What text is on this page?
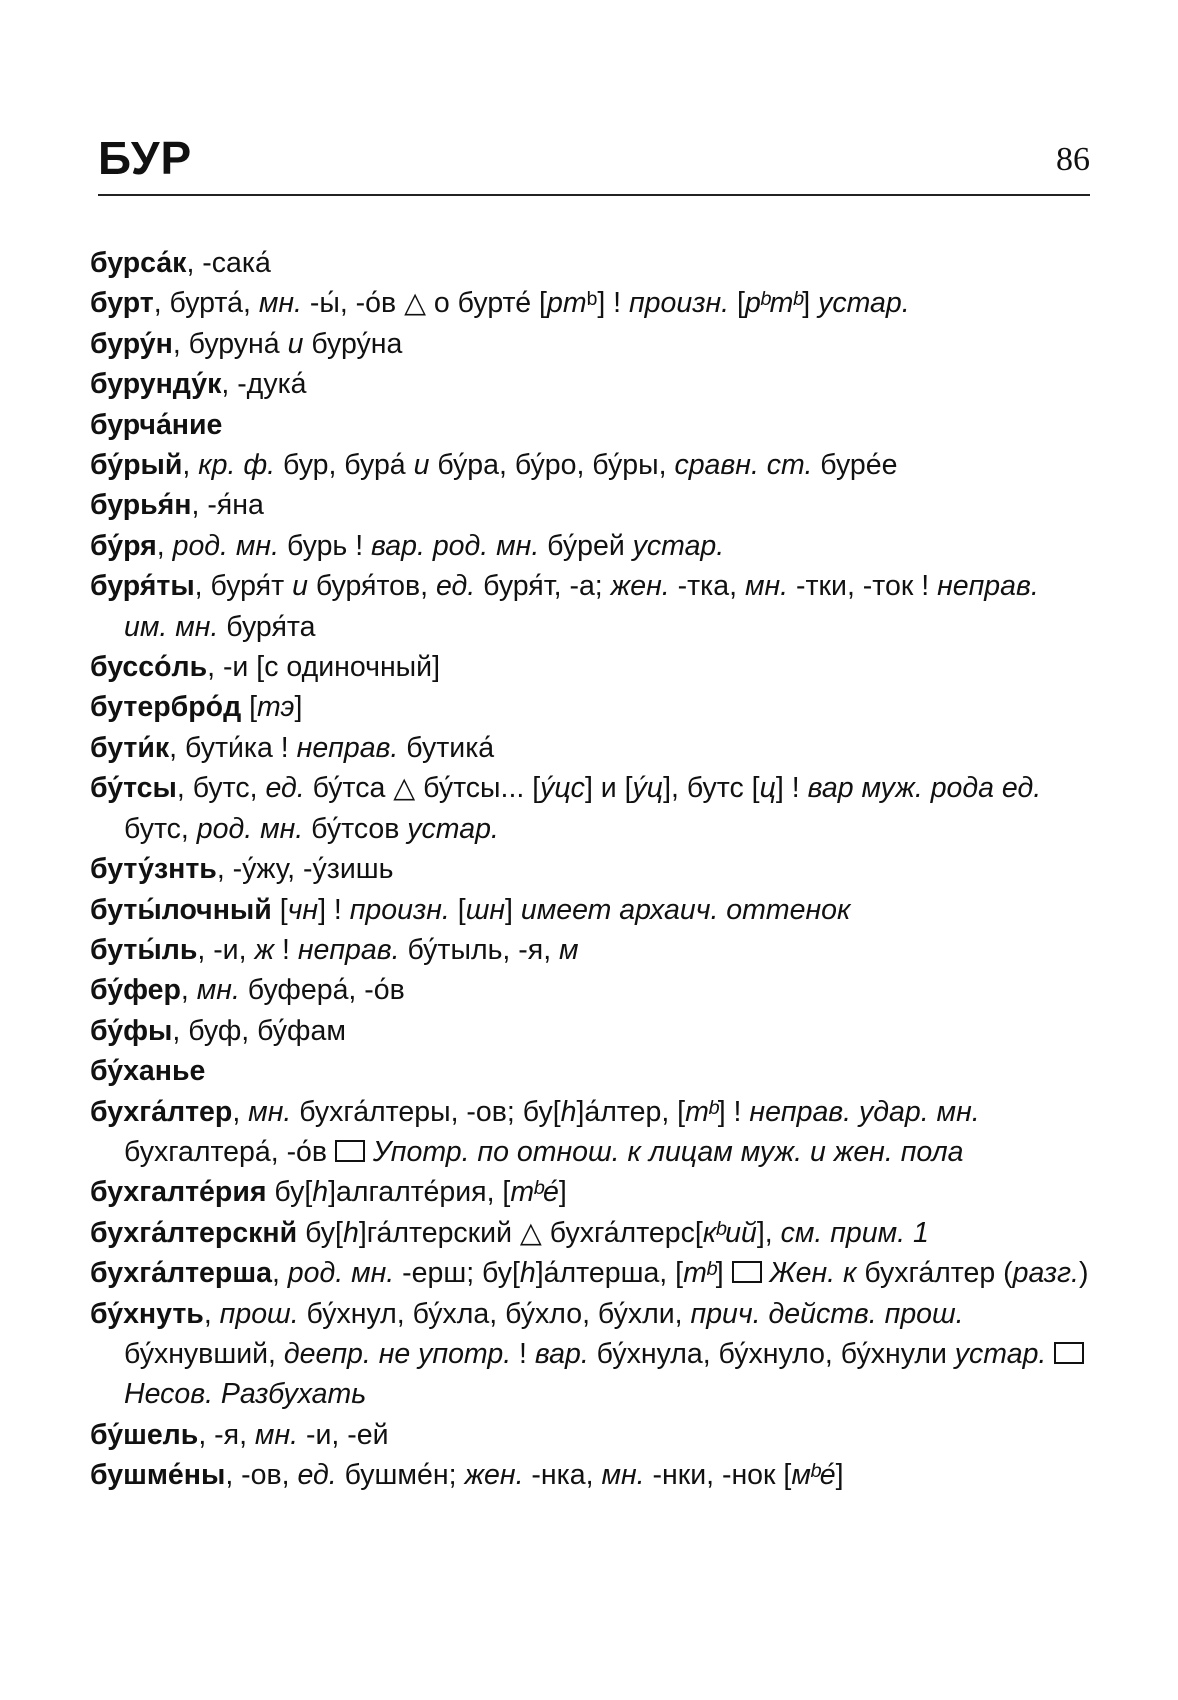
БУР	86

бурса́к, -сака́

бурт, бурта́, мн. -ы́, -о́в △ о бурте́ [ртᵇ] ! произн. [рᵇтᵇ] устар.

буру́н, буруна́ и буру́на

бурунду́к, -дука́

бурча́ние

бу́рый, кр. ф. бур, бура́ и бу́ра, бу́ро, бу́ры, сравн. ст. буре́е

бурья́н, -я́на

бу́ря, род. мн. бурь ! вар. род. мн. бу́рей устар.

буря́ты, буря́т и буря́тов, ед. буря́т, -а; жен. -тка, мн. -тки, -ток ! неправ. им. мн. буря́та

буссо́ль, -и [с одиночный]

бутербро́д [тэ]

бути́к, бути́ка ! неправ. бутика́

бу́тсы, бутс, ед. бу́тса △ бу́тсы... [у́цс] и [у́ц], бутс [ц] ! вар муж. рода ед. бутс, род. мн. бу́тсов устар.

буту́знть, -у́жу, -у́зишь

буты́лочный [чн] ! произн. [шн] имеет архаич. оттенок

буты́ль, -и, ж ! неправ. бу́тыль, -я, м

бу́фер, мн. буфера́, -о́в

бу́фы, буф, бу́фам

бу́ханье

бухга́лтер, мн. бухга́лтеры, -ов; бу[h]а́лтер, [тᵇ] ! неправ. удар. мн. бухгалтера́, -о́в  Употр. по отнош. к лицам муж. и жен. пола

бухгалте́рия бу[h]алгалте́рия, [тᵇе́]

бухга́лтерскнй бу[h]га́лтерский △ бухга́лтерс[кᵇий], см. прим. 1

бухга́лтерша, род. мн. -ерш; бу[h]а́лтерша, [тᵇ]  Жен. к бухга́лтер (разг.)

бу́хнуть, прош. бу́хнул, бу́хла, бу́хло, бу́хли, прич. действ. прош. бу́хнувший, деепр. не употр. ! вар. бу́хнула, бу́хнуло, бу́хнули устар.  Несов. Разбухать

бу́шель, -я, мн. -и, -ей

бушме́ны, -ов, ед. бушме́н; жен. -нка, мн. -нки, -нок [мᵇе́]
